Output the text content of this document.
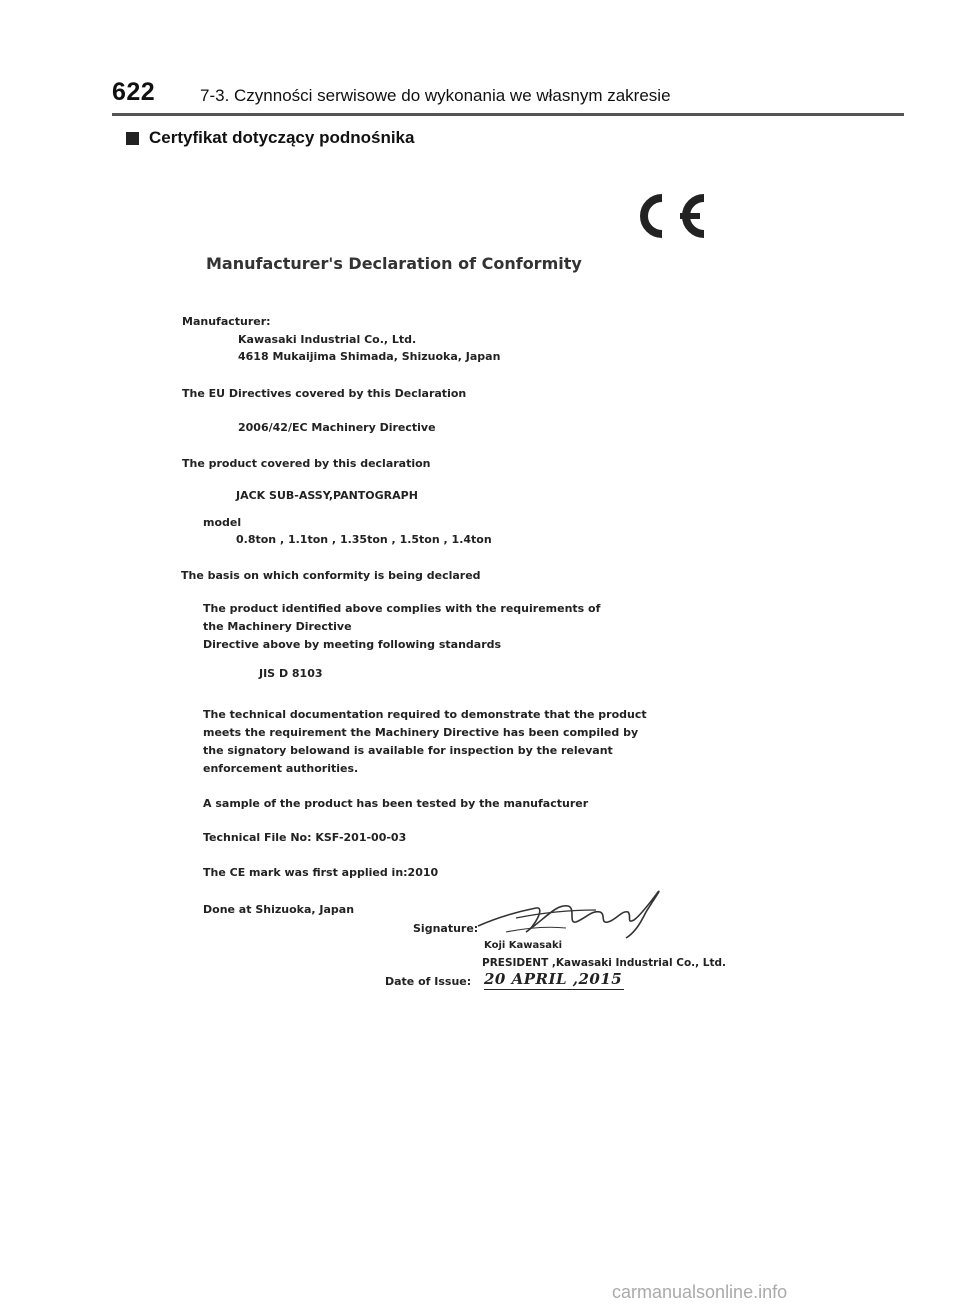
622	7-3. Czynności serwisowe do wykonania we własnym zakresie
Certyfikat dotyczący podnośnika
Manufacturer's Declaration of Conformity
Manufacturer:
Kawasaki Industrial Co., Ltd.
4618 Mukaijima Shimada, Shizuoka, Japan
The EU Directives covered by this Declaration
2006/42/EC Machinery Directive
The product covered by this declaration
JACK SUB-ASSY,PANTOGRAPH
model
0.8ton , 1.1ton , 1.35ton , 1.5ton , 1.4ton
The basis on which conformity is being declared
The product identified above complies with the requirements of
the Machinery Directive
Directive above by meeting following standards
JIS D 8103
The technical documentation required to demonstrate that the product
meets the requirement the Machinery Directive has been compiled by
the signatory belowand is available for inspection by the relevant
enforcement authorities.
A sample of the product has been tested by the manufacturer
Technical File No: KSF-201-00-03
The CE mark was first applied in:2010
Done at Shizuoka, Japan
Signature:
Koji Kawasaki
PRESIDENT ,Kawasaki Industrial Co., Ltd.
Date of Issue: 20 APRIL ,2015
carmanualsonline.info
